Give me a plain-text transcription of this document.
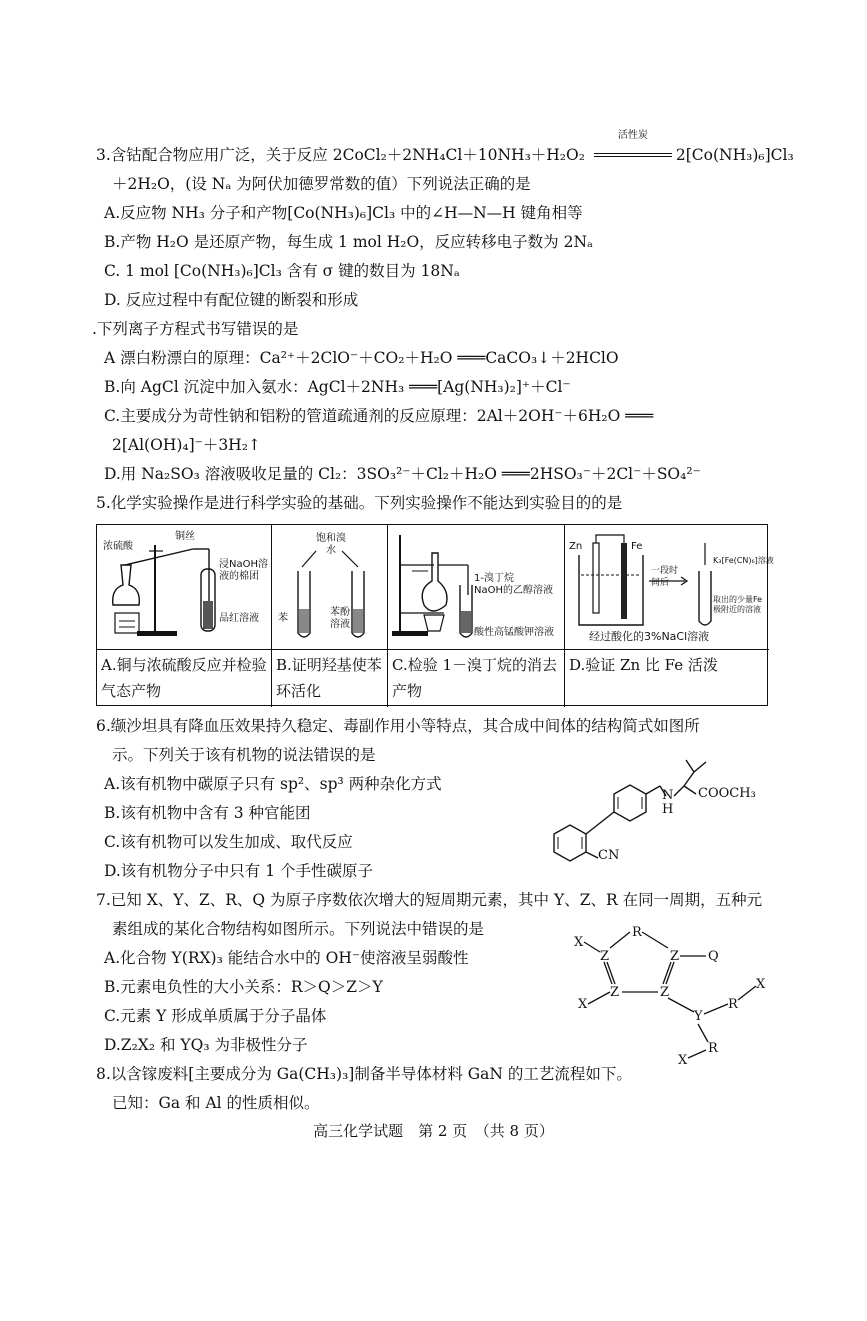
3.含钴配合物应用广泛，关于反应 2CoCl₂＋2NH₄Cl＋10NH₃＋H₂O₂
活性炭
2[Co(NH₃)₆]Cl₃
＋2H₂O，(设 Nₐ 为阿伏加德罗常数的值）下列说法正确的是
A.反应物 NH₃ 分子和产物[Co(NH₃)₆]Cl₃ 中的∠H—N—H 键角相等
B.产物 H₂O 是还原产物，每生成 1 mol H₂O，反应转移电子数为 2Nₐ
C. 1 mol [Co(NH₃)₆]Cl₃ 含有 σ 键的数目为 18Nₐ
D. 反应过程中有配位键的断裂和形成
.下列离子方程式书写错误的是
A 漂白粉漂白的原理：Ca²⁺＋2ClO⁻＋CO₂＋H₂O ═══CaCO₃↓＋2HClO
B.向 AgCl 沉淀中加入氨水：AgCl＋2NH₃ ═══[Ag(NH₃)₂]⁺＋Cl⁻
C.主要成分为苛性钠和铝粉的管道疏通剂的反应原理：2Al＋2OH⁻＋6H₂O ═══
2[Al(OH)₄]⁻＋3H₂↑
D.用 Na₂SO₃ 溶液吸收足量的 Cl₂：3SO₃²⁻＋Cl₂＋H₂O ═══2HSO₃⁻＋2Cl⁻＋SO₄²⁻
5.化学实验操作是进行科学实验的基础。下列实验操作不能达到实验目的的是
浓硫酸
铜丝
浸NaOH溶液的棉团
品红溶液
饱和溴水
苯
苯酚溶液
1-溴丁烷
NaOH的乙醇溶液
酸性高锰酸钾溶液
Zn	Fe
K₃[Fe(CN)₆]溶液
一段时间后
取出的少量Fe极附近的溶液
经过酸化的3%NaCl溶液
A.铜与浓硫酸反应并检验气态产物
B.证明羟基使苯环活化
C.检验 1－溴丁烷的消去产物
D.验证 Zn 比 Fe 活泼
6.缬沙坦具有降血压效果持久稳定、毒副作用小等特点，其合成中间体的结构简式如图所
示。下列关于该有机物的说法错误的是
A.该有机物中碳原子只有 sp²、sp³ 两种杂化方式
B.该有机物中含有 3 种官能团
C.该有机物可以发生加成、取代反应
D.该有机物分子中只有 1 个手性碳原子
N
H
COOCH₃
CN
7.已知 X、Y、Z、R、Q 为原子序数依次增大的短周期元素，其中 Y、Z、R 在同一周期，五种元
素组成的某化合物结构如图所示。下列说法中错误的是
A.化合物 Y(RX)₃ 能结合水中的 OH⁻使溶液呈弱酸性
B.元素电负性的大小关系：R＞Q＞Z＞Y
C.元素 Y 形成单质属于分子晶体
D.Z₂X₂ 和 YQ₃ 为非极性分子
R
X
Z	Z Q
X
Z	Z
Y
R
X
R
X
8.以含镓废料[主要成分为 Ga(CH₃)₃]制备半导体材料 GaN 的工艺流程如下。
已知：Ga 和 Al 的性质相似。
高三化学试题　第 2 页　（共 8 页）
